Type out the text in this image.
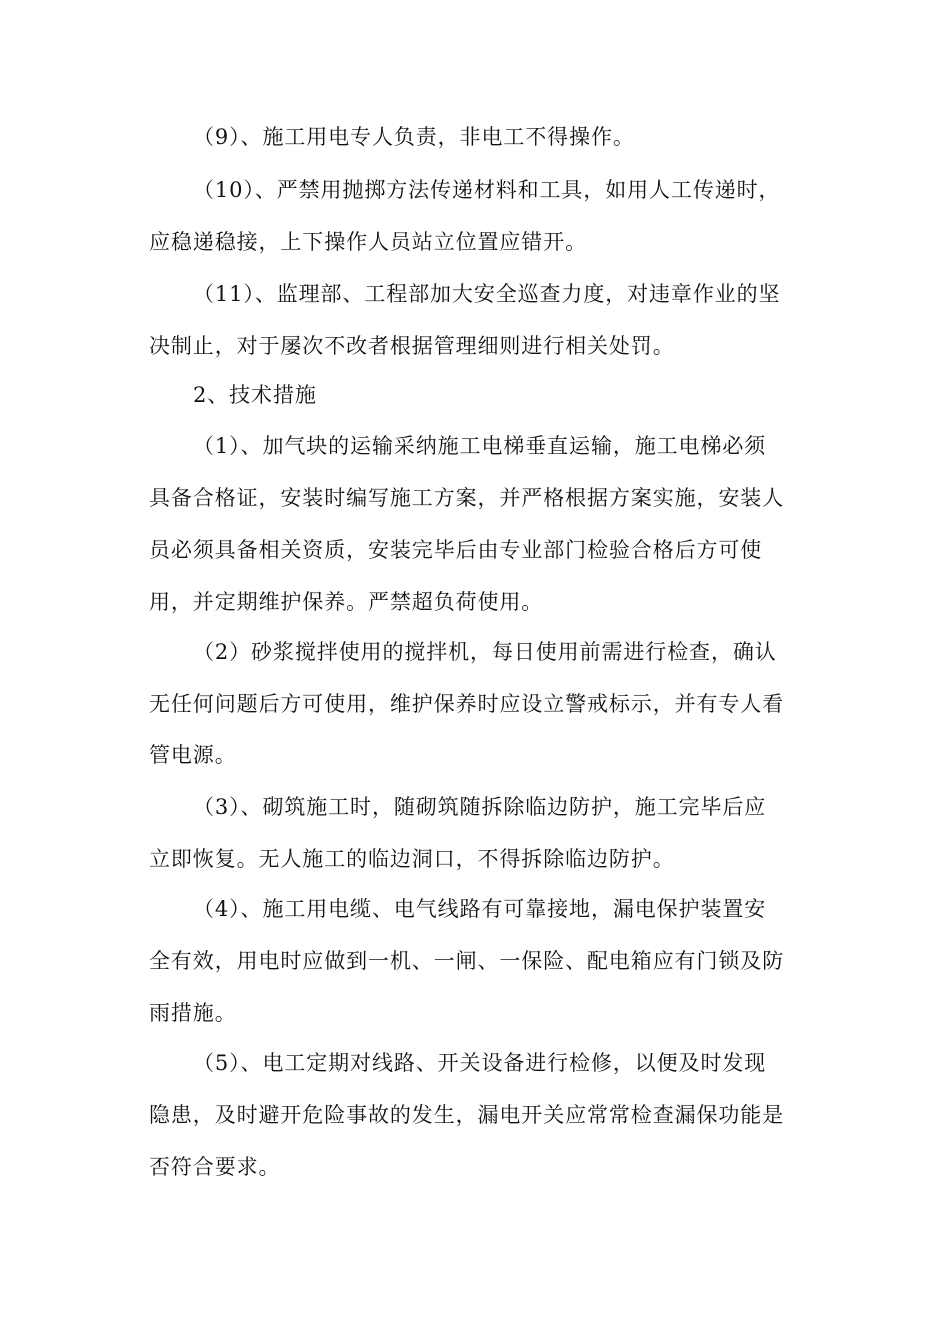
（9）、施工用电专人负责，非电工不得操作。
（10）、严禁用抛掷方法传递材料和工具，如用人工传递时，
应稳递稳接，上下操作人员站立位置应错开。
（11）、监理部、工程部加大安全巡查力度，对违章作业的坚
决制止，对于屡次不改者根据管理细则进行相关处罚。
2、技术措施
（1）、加气块的运输采纳施工电梯垂直运输，施工电梯必须
具备合格证，安装时编写施工方案，并严格根据方案实施，安装人
员必须具备相关资质，安装完毕后由专业部门检验合格后方可使
用，并定期维护保养。严禁超负荷使用。
（2）砂浆搅拌使用的搅拌机，每日使用前需进行检查，确认
无任何问题后方可使用，维护保养时应设立警戒标示，并有专人看
管电源。
（3）、砌筑施工时，随砌筑随拆除临边防护，施工完毕后应
立即恢复。无人施工的临边洞口，不得拆除临边防护。
（4）、施工用电缆、电气线路有可靠接地，漏电保护装置安
全有效，用电时应做到一机、一闸、一保险、配电箱应有门锁及防
雨措施。
（5）、电工定期对线路、开关设备进行检修，以便及时发现
隐患，及时避开危险事故的发生，漏电开关应常常检查漏保功能是
否符合要求。
